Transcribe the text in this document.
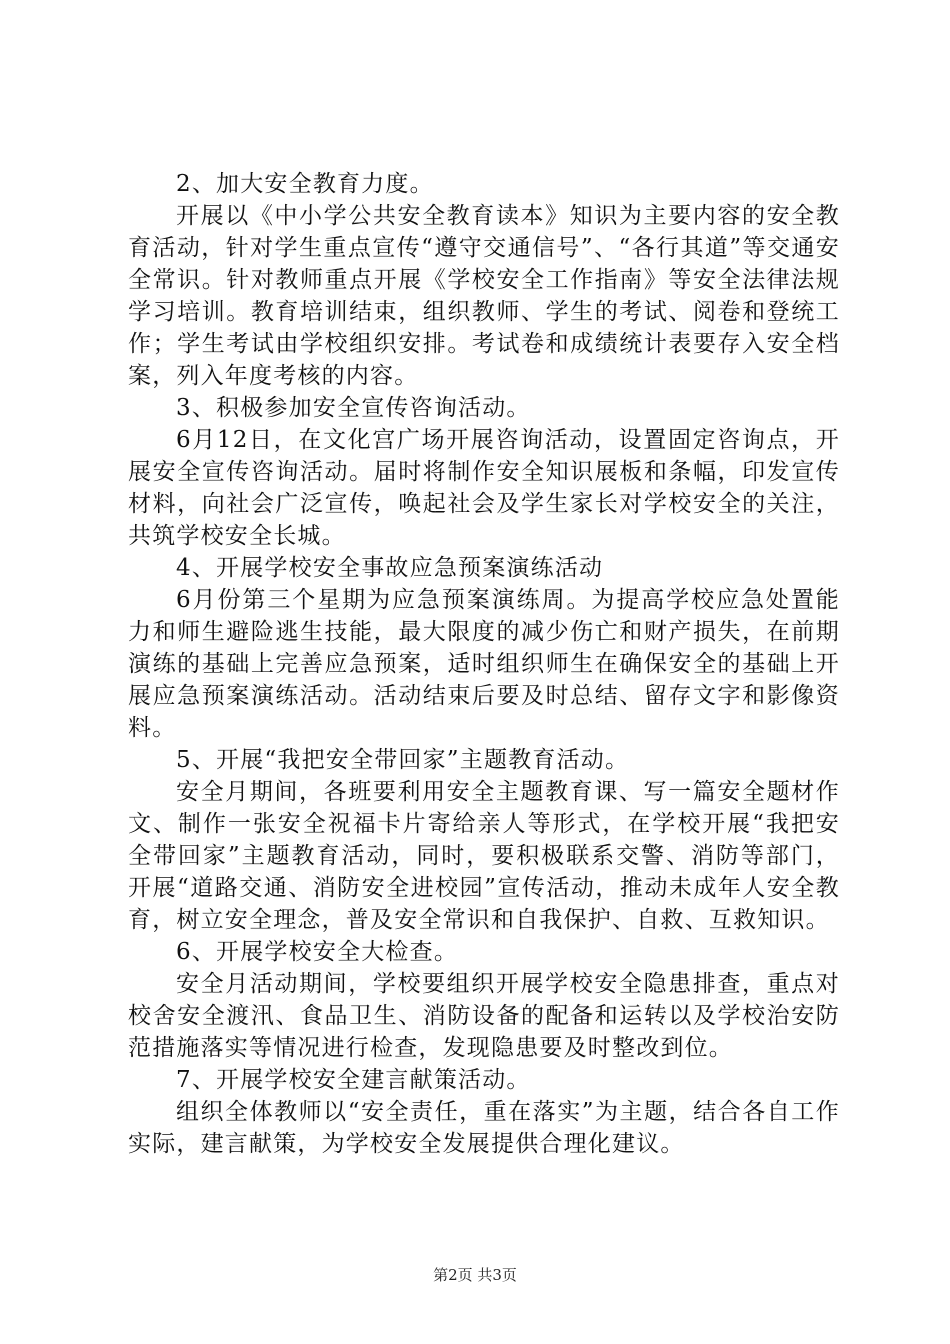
2、加大安全教育力度。

开展以《中小学公共安全教育读本》知识为主要内容的安全教育活动，针对学生重点宣传“遵守交通信号”、“各行其道”等交通安全常识。针对教师重点开展《学校安全工作指南》等安全法律法规学习培训。教育培训结束，组织教师、学生的考试、阅卷和登统工作；学生考试由学校组织安排。考试卷和成绩统计表要存入安全档案，列入年度考核的内容。

3、积极参加安全宣传咨询活动。

6月12日，在文化宫广场开展咨询活动，设置固定咨询点，开展安全宣传咨询活动。届时将制作安全知识展板和条幅，印发宣传材料，向社会广泛宣传，唤起社会及学生家长对学校安全的关注，共筑学校安全长城。

4、开展学校安全事故应急预案演练活动

6月份第三个星期为应急预案演练周。为提高学校应急处置能力和师生避险逃生技能，最大限度的减少伤亡和财产损失，在前期演练的基础上完善应急预案，适时组织师生在确保安全的基础上开展应急预案演练活动。活动结束后要及时总结、留存文字和影像资料。

5、开展“我把安全带回家”主题教育活动。

安全月期间，各班要利用安全主题教育课、写一篇安全题材作文、制作一张安全祝福卡片寄给亲人等形式，在学校开展“我把安全带回家”主题教育活动，同时，要积极联系交警、消防等部门，开展“道路交通、消防安全进校园”宣传活动，推动未成年人安全教育，树立安全理念，普及安全常识和自我保护、自救、互救知识。

6、开展学校安全大检查。

安全月活动期间，学校要组织开展学校安全隐患排查，重点对校舍安全渡汛、食品卫生、消防设备的配备和运转以及学校治安防范措施落实等情况进行检查，发现隐患要及时整改到位。

7、开展学校安全建言献策活动。

组织全体教师以“安全责任，重在落实”为主题，结合各自工作实际，建言献策，为学校安全发展提供合理化建议。

第2页 共3页
